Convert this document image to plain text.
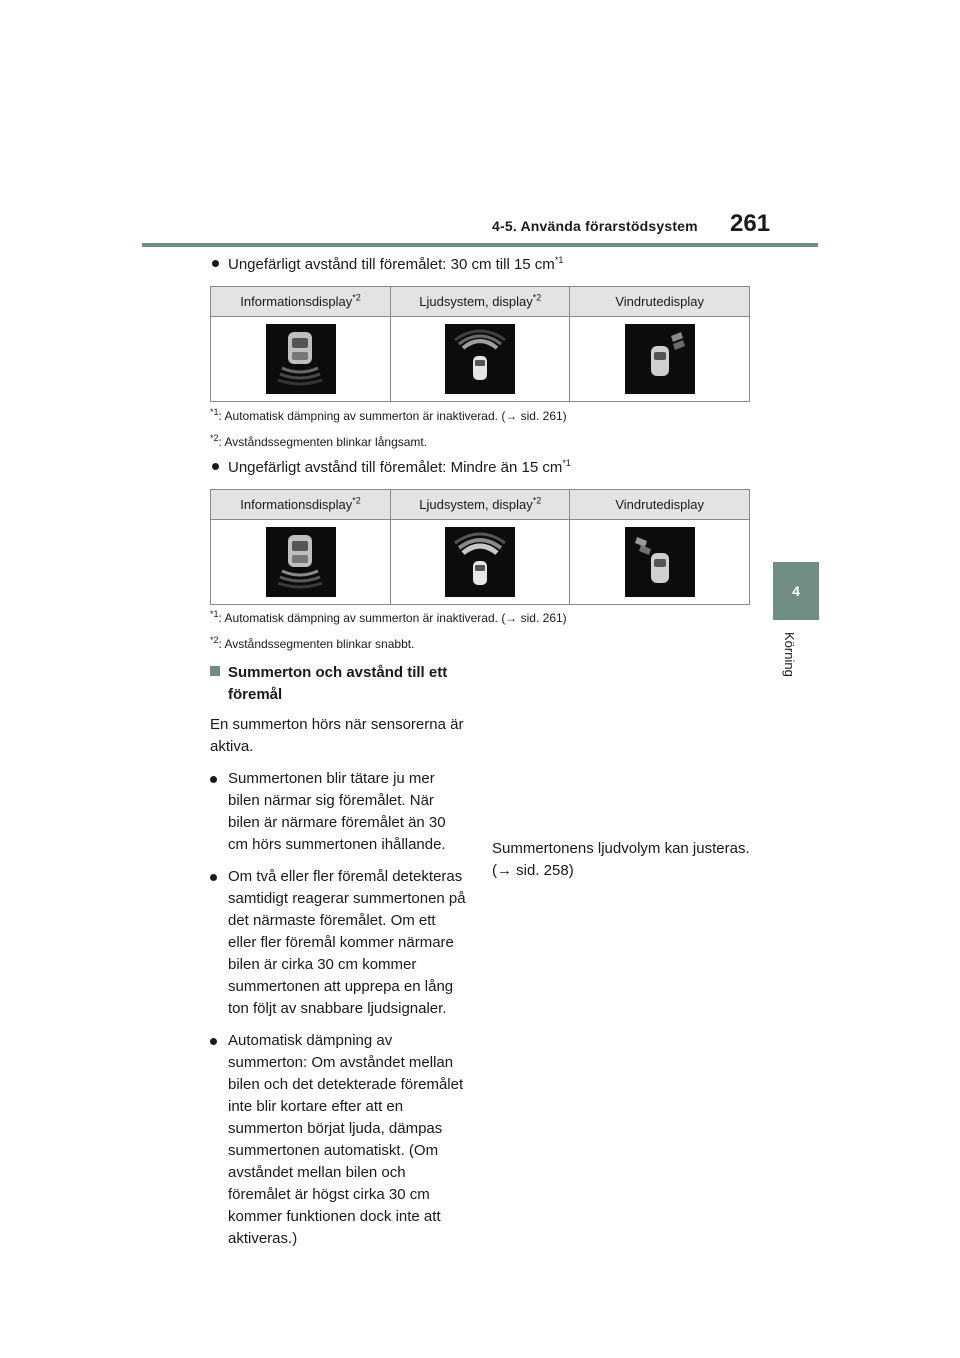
4-5. Använda förarstödsystem 261
4
Körning
Ungefärligt avstånd till föremålet: 30 cm till 15 $cm^{*1}$
Informationsdisplay$^{*2}$	Ljudsystem, display$^{*2}$	Vindrutedisplay

$^{*1}$: Automatisk dämpning av summerton är inaktiverad. (→ sid. 261)
$^{*2}$: Avståndssegmenten blinkar långsamt.
Ungefärligt avstånd till föremålet: Mindre än 15 $cm^{*1}$
Informationsdisplay$^{*2}$	Ljudsystem, display$^{*2}$	Vindrutedisplay

$^{*1}$: Automatisk dämpning av summerton är inaktiverad. (→ sid. 261)
$^{*2}$: Avståndssegmenten blinkar snabbt.

Summerton och avstånd till ett föremål

En summerton hörs när sensorerna är aktiva.

Summertonen blir tätare ju mer bilen närmar sig föremålet. När bilen är närmare föremålet än 30 cm hörs summertonen ihållande.

Om två eller fler föremål detekteras samtidigt reagerar summertonen på det närmaste föremålet. Om ett eller fler föremål kommer närmare bilen är cirka 30 cm kommer summertonen att upprepa en lång ton följt av snabbare ljudsignaler.

Automatisk dämpning av summerton: Om avståndet mellan bilen och det detekterade föremålet inte blir kortare efter att en summerton börjat ljuda, dämpas summertonen automatiskt. (Om avståndet mellan bilen och föremålet är högst cirka 30 cm kommer funktionen dock inte att aktiveras.)

Summertonens ljudvolym kan justeras. (→ sid. 258)
